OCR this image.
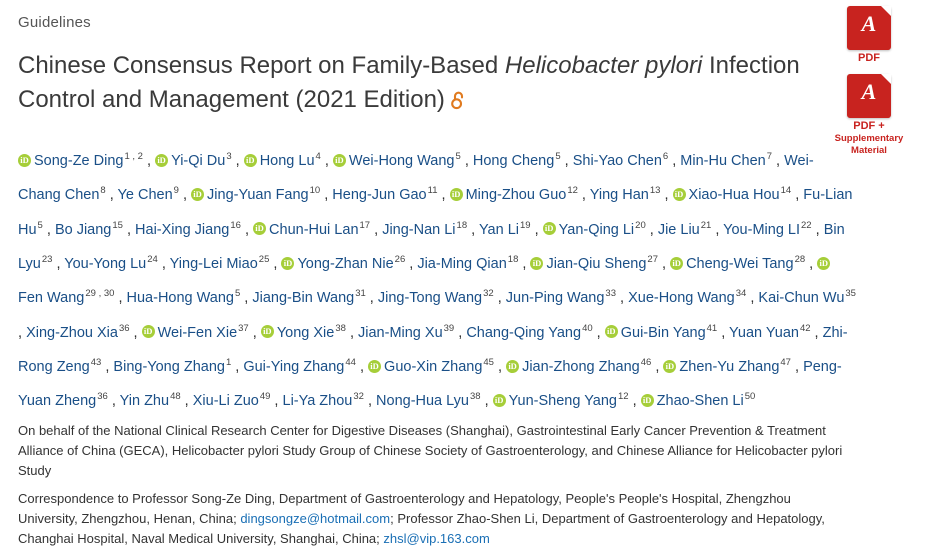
Guidelines
Chinese Consensus Report on Family-Based Helicobacter pylori Infection Control and Management (2021 Edition)
iDSong-Ze Ding$^{1 , 2}$ , iDYi-Qi Du$^3$ , iDHong Lu$^4$ , iDWei-Hong Wang$^5$ , Hong Cheng$^5$ , Shi-Yao Chen$^6$ , Min-Hu Chen$^7$ , Wei-Chang Chen$^8$ , Ye Chen$^9$ , iDJing-Yuan Fang$^{10}$ , Heng-Jun Gao$^{11}$ , iDMing-Zhou Guo$^{12}$ , Ying Han$^{13}$ , iDXiao-Hua Hou$^{14}$ , Fu-Lian Hu$^5$ , Bo Jiang$^{15}$ , Hai-Xing Jiang$^{16}$ , iDChun-Hui Lan$^{17}$ , Jing-Nan Li$^{18}$ , Yan Li$^{19}$ , iDYan-Qing Li$^{20}$ , Jie Liu$^{21}$ , You-Ming LI$^{22}$ , Bin Lyu$^{23}$ , You-Yong Lu$^{24}$ , Ying-Lei Miao$^{25}$ , iDYong-Zhan Nie$^{26}$ , Jia-Ming Qian$^{18}$ , iDJian-Qiu Sheng$^{27}$ , iDCheng-Wei Tang$^{28}$ , iDFen Wang$^{29 , 30}$ , Hua-Hong Wang$^5$ , Jiang-Bin Wang$^{31}$ , Jing-Tong Wang$^{32}$ , Jun-Ping Wang$^{33}$ , Xue-Hong Wang$^{34}$ , Kai-Chun Wu$^{35}$ , Xing-Zhou Xia$^{36}$ , iDWei-Fen Xie$^{37}$ , iDYong Xie$^{38}$ , Jian-Ming Xu$^{39}$ , Chang-Qing Yang$^{40}$ , iDGui-Bin Yang$^{41}$ , Yuan Yuan$^{42}$ , Zhi-Rong Zeng$^{43}$ , Bing-Yong Zhang$^1$ , Gui-Ying Zhang$^{44}$ , iDGuo-Xin Zhang$^{45}$ , iDJian-Zhong Zhang$^{46}$ , iDZhen-Yu Zhang$^{47}$ , Peng-Yuan Zheng$^{36}$ , Yin Zhu$^{48}$ , Xiu-Li Zuo$^{49}$ , Li-Ya Zhou$^{32}$ , Nong-Hua Lyu$^{38}$ , iDYun-Sheng Yang$^{12}$ , iDZhao-Shen Li$^{50}$
On behalf of the National Clinical Research Center for Digestive Diseases (Shanghai), Gastrointestinal Early Cancer Prevention & Treatment Alliance of China (GECA), Helicobacter pylori Study Group of Chinese Society of Gastroenterology, and Chinese Alliance for Helicobacter pylori Study
Correspondence to Professor Song-Ze Ding, Department of Gastroenterology and Hepatology, People's People's Hospital, Zhengzhou University, Zhengzhou, Henan, China; dingsongze@hotmail.com; Professor Zhao-Shen Li, Department of Gastroenterology and Hepatology, Changhai Hospital, Naval Medical University, Shanghai, China; zhsl@vip.163.com
A
PDF
A
PDF +
Supplementary
Material
